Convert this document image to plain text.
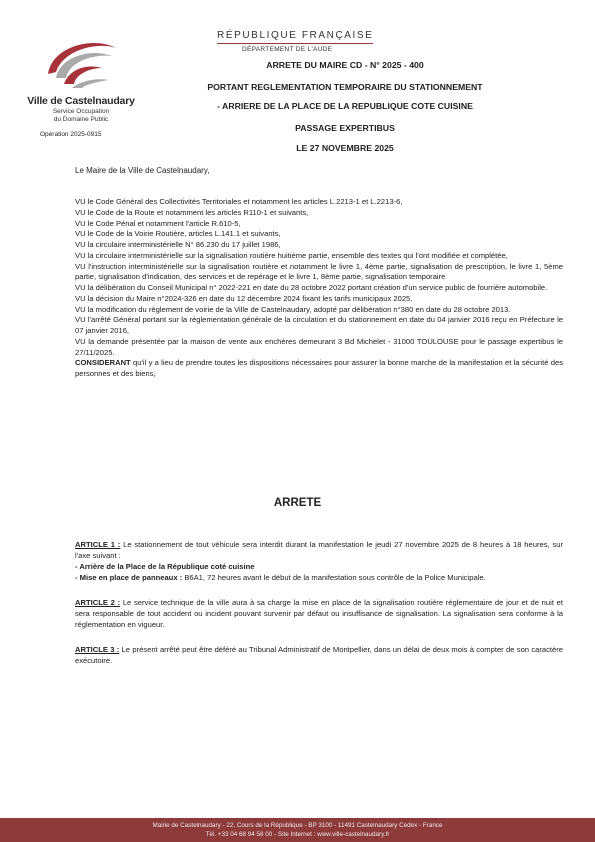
Ville de Castelnaudary
Service Occupation
du Domaine Public
Opération 2025-0915
RÉPUBLIQUE FRANÇAISE
DÉPARTEMENT DE L'AUDE
ARRETE DU MAIRE CD - N° 2025 - 400
PORTANT REGLEMENTATION TEMPORAIRE DU STATIONNEMENT
- ARRIERE DE LA PLACE DE LA REPUBLIQUE COTE CUISINE
PASSAGE EXPERTIBUS
LE 27 NOVEMBRE 2025
Le Maire de la Ville de Castelnaudary,

VU le Code Général des Collectivités Territoriales et notamment les articles L.2213-1 et L.2213-6,

VU le Code de la Route et notamment les articles R110-1 et suivants,

VU le Code Pénal et notamment l'article R.610-5,

VU le Code de la Voirie Routière, articles L.141.1 et suivants,

VU la circulaire interministérielle N° 86.230 du 17 juillet 1986,

VU la circulaire interministérielle sur la signalisation routière huitième partie, ensemble des textes qui l'ont modifiée et complétée,

VU l'instruction interministérielle sur la signalisation routière et notamment le livre 1, 4ème partie, signalisation de prescription, le livre 1, 5ème partie, signalisation d'indication, des services et de repérage et le livre 1, 8ème partie, signalisation temporaire

VU la délibération du Conseil Municipal n° 2022-221 en date du 28 octobre 2022 portant création d'un service public de fourrière automobile.

VU la décision du Maire n°2024-326 en date du 12 décembre 2024 fixant les tarifs municipaux 2025.

VU la modification du règlement de voirie de la Ville de Castelnaudary, adopté par délibération n°380 en date du 28 octobre 2013.

VU l'arrêté Général portant sur la réglementation générale de la circulation et du stationnement en date du 04 janvier 2016 reçu en Préfecture le 07 janvier 2016,

VU la demande présentée par la maison de vente aux enchères demeurant 3 Bd Michelet - 31000 TOULOUSE pour le passage expertibus le 27/11/2025.

CONSIDERANT qu'il y a lieu de prendre toutes les dispositions nécessaires pour assurer la bonne marche de la manifestation et la sécurité des personnes et des biens,

ARRETE

ARTICLE 1 : Le stationnement de tout véhicule sera interdit durant la manifestation le jeudi 27 novembre 2025 de 8 heures à 18 heures, sur l'axe suivant :

- Arrière de la Place de la République coté cuisine

- Mise en place de panneaux : B6A1, 72 heures avant le début de la manifestation sous contrôle de la Police Municipale.

ARTICLE 2 : Le service technique de la ville aura à sa charge la mise en place de la signalisation routière réglementaire de jour et de nuit et sera responsable de tout accident ou incident pouvant survenir par défaut ou insuffisance de signalisation. La signalisation sera conforme à la réglementation en vigueur.

ARTICLE 3 : Le présent arrêté peut être déféré au Tribunal Administratif de Montpellier, dans un délai de deux mois à compter de son caractère exécutoire.

Mairie de Castelnaudary - 22, Cours de la République - BP 3100 - 11491 Castelnaudary Cedex - France
Tél. +33 04 68 94 58 00 - Site Internet : www.ville-castelnaudary.fr
